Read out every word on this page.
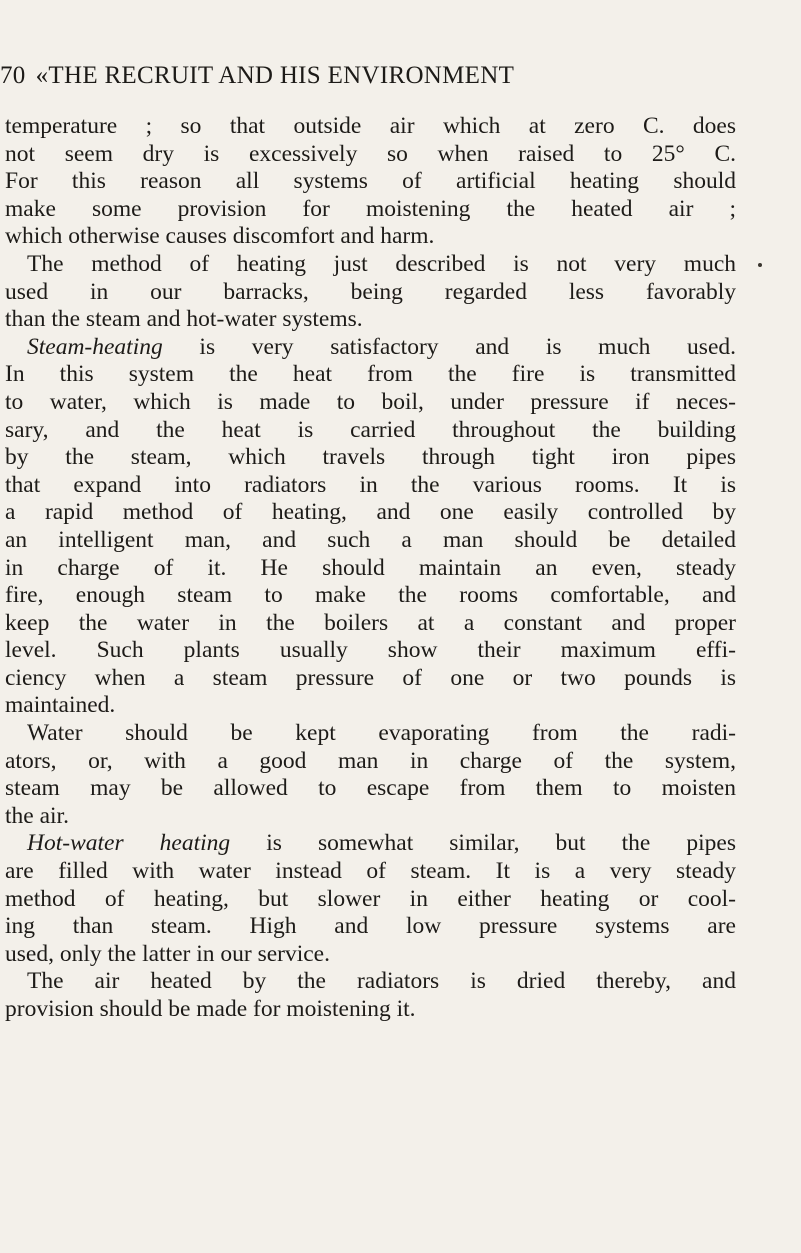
70 «THE RECRUIT AND HIS ENVIRONMENT
temperature ; so that outside air which at zero C. does
not seem dry is excessively so when raised to 25° C.
For this reason all systems of artificial heating should
make some provision for moistening the heated air ;
which otherwise causes discomfort and harm.
The method of heating just described is not very much
used in our barracks, being regarded less favorably
than the steam and hot-water systems.
Steam-heating is very satisfactory and is much used.
In this system the heat from the fire is transmitted
to water, which is made to boil, under pressure if neces-
sary, and the heat is carried throughout the building
by the steam, which travels through tight iron pipes
that expand into radiators in the various rooms. It is
a rapid method of heating, and one easily controlled by
an intelligent man, and such a man should be detailed
in charge of it. He should maintain an even, steady
fire, enough steam to make the rooms comfortable, and
keep the water in the boilers at a constant and proper
level. Such plants usually show their maximum effi-
ciency when a steam pressure of one or two pounds is
maintained.
Water should be kept evaporating from the radi-
ators, or, with a good man in charge of the system,
steam may be allowed to escape from them to moisten
the air.
Hot-water heating is somewhat similar, but the pipes
are filled with water instead of steam. It is a very steady
method of heating, but slower in either heating or cool-
ing than steam. High and low pressure systems are
used, only the latter in our service.
The air heated by the radiators is dried thereby, and
provision should be made for moistening it.
